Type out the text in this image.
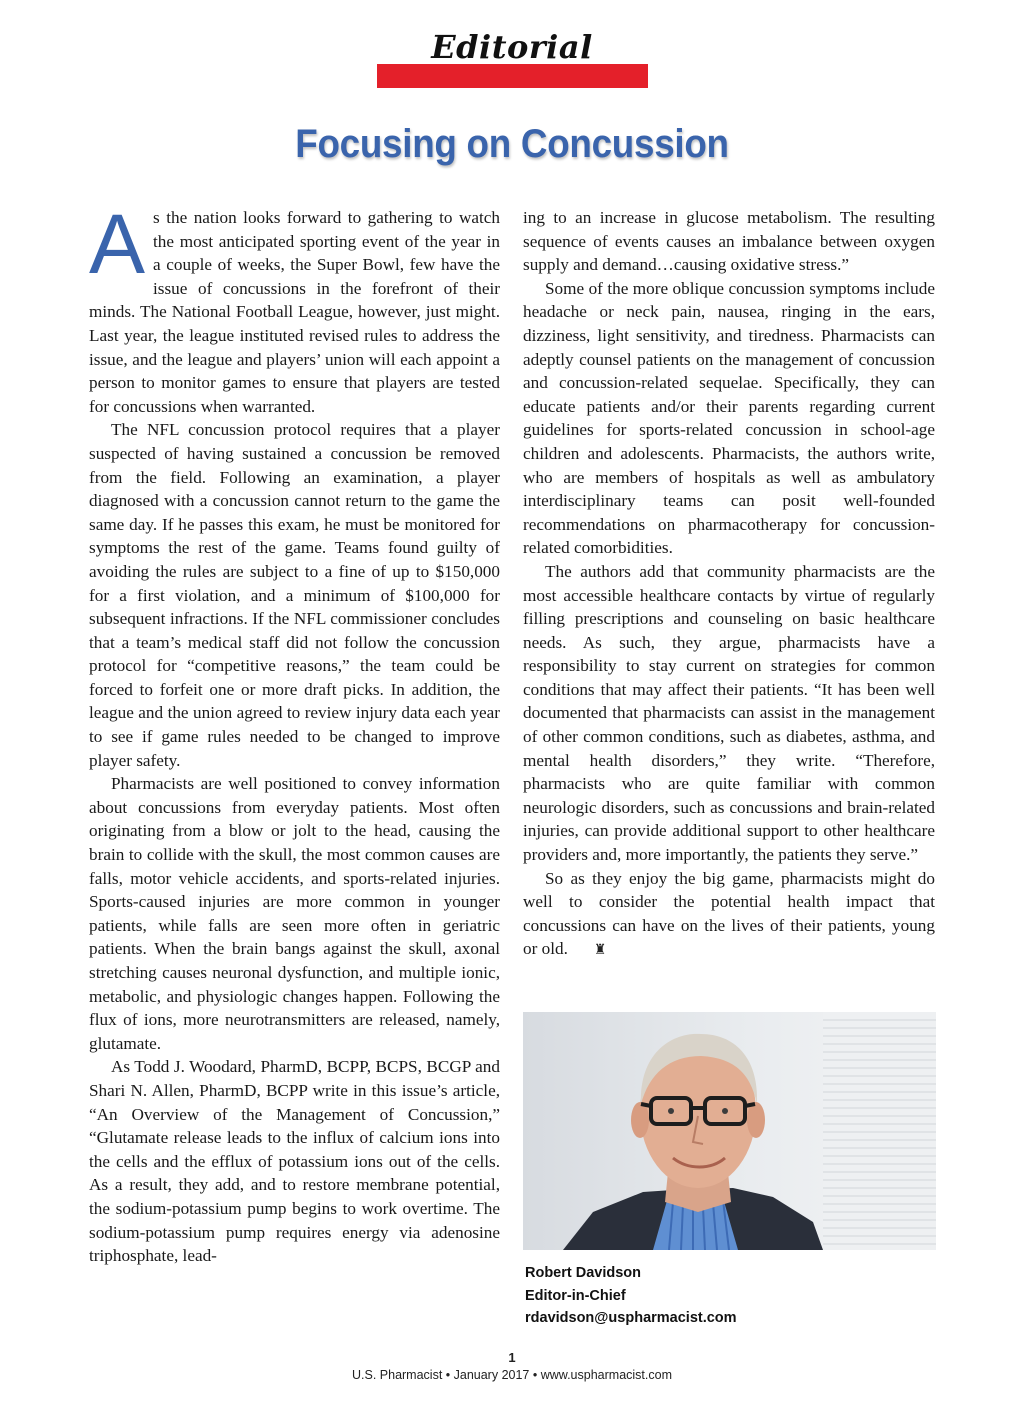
Editorial
Focusing on Concussion

As the nation looks forward to gathering to watch the most anticipated sporting event of the year in a couple of weeks, the Super Bowl, few have the issue of concussions in the forefront of their minds. The National Football League, however, just might. Last year, the league instituted revised rules to address the issue, and the league and players’ union will each appoint a person to monitor games to ensure that players are tested for concussions when warranted.

The NFL concussion protocol requires that a player suspected of having sustained a concussion be removed from the field. Following an examination, a player diagnosed with a concussion cannot return to the game the same day. If he passes this exam, he must be monitored for symptoms the rest of the game. Teams found guilty of avoiding the rules are subject to a fine of up to $150,000 for a first violation, and a minimum of $100,000 for subsequent infractions. If the NFL commissioner concludes that a team’s medical staff did not follow the concussion protocol for “competitive reasons,” the team could be forced to forfeit one or more draft picks. In addition, the league and the union agreed to review injury data each year to see if game rules needed to be changed to improve player safety.

Pharmacists are well positioned to convey information about concussions from everyday patients. Most often originating from a blow or jolt to the head, causing the brain to collide with the skull, the most common causes are falls, motor vehicle accidents, and sports-related injuries. Sports-caused injuries are more common in younger patients, while falls are seen more often in geriatric patients. When the brain bangs against the skull, axonal stretching causes neuronal dysfunction, and multiple ionic, metabolic, and physiologic changes happen. Following the flux of ions, more neurotransmitters are released, namely, glutamate.

As Todd J. Woodard, PharmD, BCPP, BCPS, BCGP and Shari N. Allen, PharmD, BCPP write in this issue’s article, “An Overview of the Management of Concussion,” “Glutamate release leads to the influx of calcium ions into the cells and the efflux of potassium ions out of the cells. As a result, they add, and to restore membrane potential, the sodium-potassium pump begins to work overtime. The sodium-potassium pump requires energy via adenosine triphosphate, lead-

ing to an increase in glucose metabolism. The resulting sequence of events causes an imbalance between oxygen supply and demand…causing oxidative stress.”

Some of the more oblique concussion symptoms include headache or neck pain, nausea, ringing in the ears, dizziness, light sensitivity, and tiredness. Pharmacists can adeptly counsel patients on the management of concussion and concussion-related sequelae. Specifically, they can educate patients and/or their parents regarding current guidelines for sports-related concussion in school-age children and adolescents. Pharmacists, the authors write, who are members of hospitals as well as ambulatory interdisciplinary teams can posit well-founded recommendations on pharmacotherapy for concussion-related comorbidities.

The authors add that community pharmacists are the most accessible healthcare contacts by virtue of regularly filling prescriptions and counseling on basic healthcare needs. As such, they argue, pharmacists have a responsibility to stay current on strategies for common conditions that may affect their patients. “It has been well documented that pharmacists can assist in the management of other common conditions, such as diabetes, asthma, and mental health disorders,” they write. “Therefore, pharmacists who are quite familiar with common neurologic disorders, such as concussions and brain-related injuries, can provide additional support to other healthcare providers and, more importantly, the patients they serve.”

So as they enjoy the big game, pharmacists might do well to consider the potential health impact that concussions can have on the lives of their patients, young or old. ♜

Robert Davidson
Editor-in-Chief
rdavidson@uspharmacist.com
1
U.S. Pharmacist • January 2017 • www.uspharmacist.com
